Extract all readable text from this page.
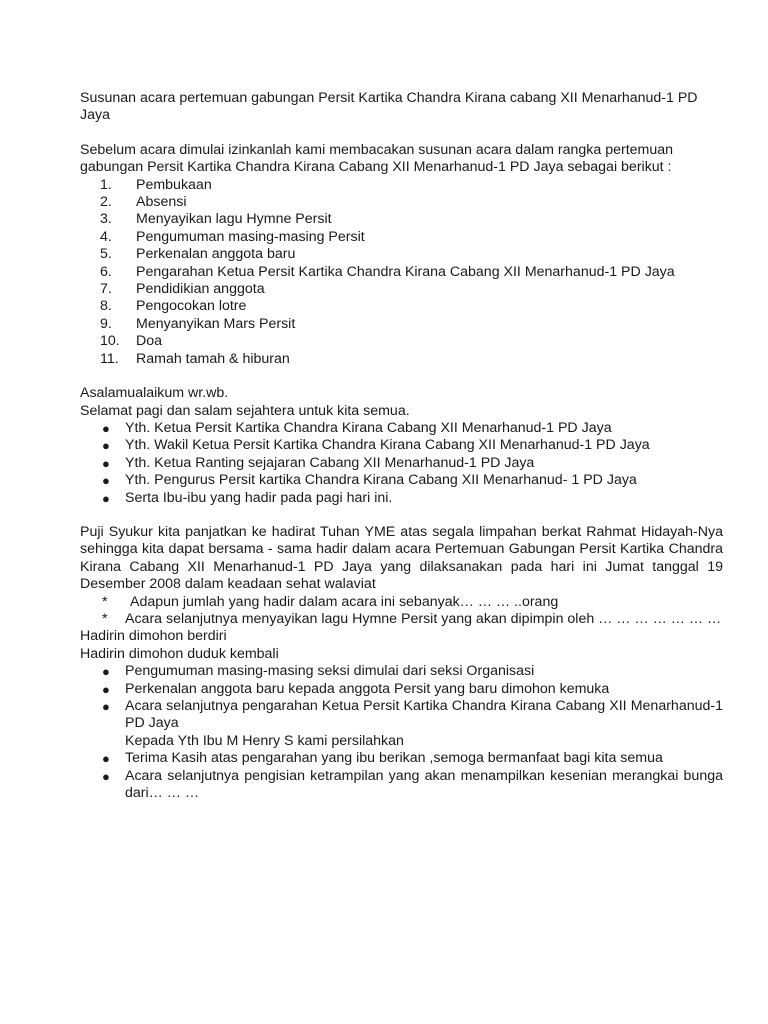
Susunan acara pertemuan gabungan Persit Kartika Chandra Kirana cabang XII Menarhanud-1 PD Jaya

Sebelum acara dimulai izinkanlah kami membacakan susunan acara dalam rangka pertemuan gabungan Persit Kartika Chandra Kirana Cabang XII Menarhanud-1 PD Jaya sebagai berikut :

1.	Pembukaan
2.	Absensi
3.	Menyayikan lagu Hymne Persit
4.	Pengumuman masing-masing Persit
5.	Perkenalan anggota baru
6.	Pengarahan Ketua Persit Kartika Chandra Kirana Cabang XII Menarhanud-1 PD Jaya
7.	Pendidikian anggota
8.	Pengocokan lotre
9.	Menyanyikan Mars Persit
10.	Doa
11.	Ramah tamah & hiburan

Asalamualaikum wr.wb.

Selamat pagi dan salam sejahtera untuk kita semua.

●	Yth. Ketua Persit Kartika Chandra Kirana Cabang XII Menarhanud-1 PD Jaya
●	Yth. Wakil Ketua Persit Kartika Chandra Kirana Cabang XII Menarhanud-1 PD Jaya
●	Yth. Ketua Ranting sejajaran Cabang XII Menarhanud-1 PD Jaya
●	Yth. Pengurus Persit kartika Chandra Kirana Cabang XII Menarhanud- 1 PD Jaya
●	Serta Ibu-ibu yang hadir pada pagi hari ini.

Puji Syukur kita panjatkan ke hadirat Tuhan YME atas segala limpahan berkat Rahmat Hidayah-Nya sehingga kita dapat bersama - sama hadir dalam acara Pertemuan Gabungan Persit Kartika Chandra Kirana Cabang XII Menarhanud-1 PD Jaya yang dilaksanakan pada hari ini Jumat tanggal 19 Desember 2008 dalam keadaan sehat walaviat

*	Adapun jumlah yang hadir dalam acara ini sebanyak… … … ..orang
*	Acara selanjutnya menyayikan lagu Hymne Persit yang akan dipimpin oleh … … … … … … …

Hadirin dimohon berdiri

Hadirin dimohon duduk kembali

●	Pengumuman masing-masing seksi dimulai dari seksi Organisasi
●	Perkenalan anggota baru kepada anggota Persit yang baru dimohon kemuka
●	Acara selanjutnya pengarahan Ketua Persit Kartika Chandra Kirana Cabang XII Menarhanud-1 PD Jaya
Kepada Yth Ibu M Henry S kami persilahkan
●	Terima Kasih atas pengarahan yang ibu berikan ,semoga bermanfaat bagi kita semua
●	Acara selanjutnya pengisian ketrampilan yang akan menampilkan kesenian merangkai bunga dari… … …
